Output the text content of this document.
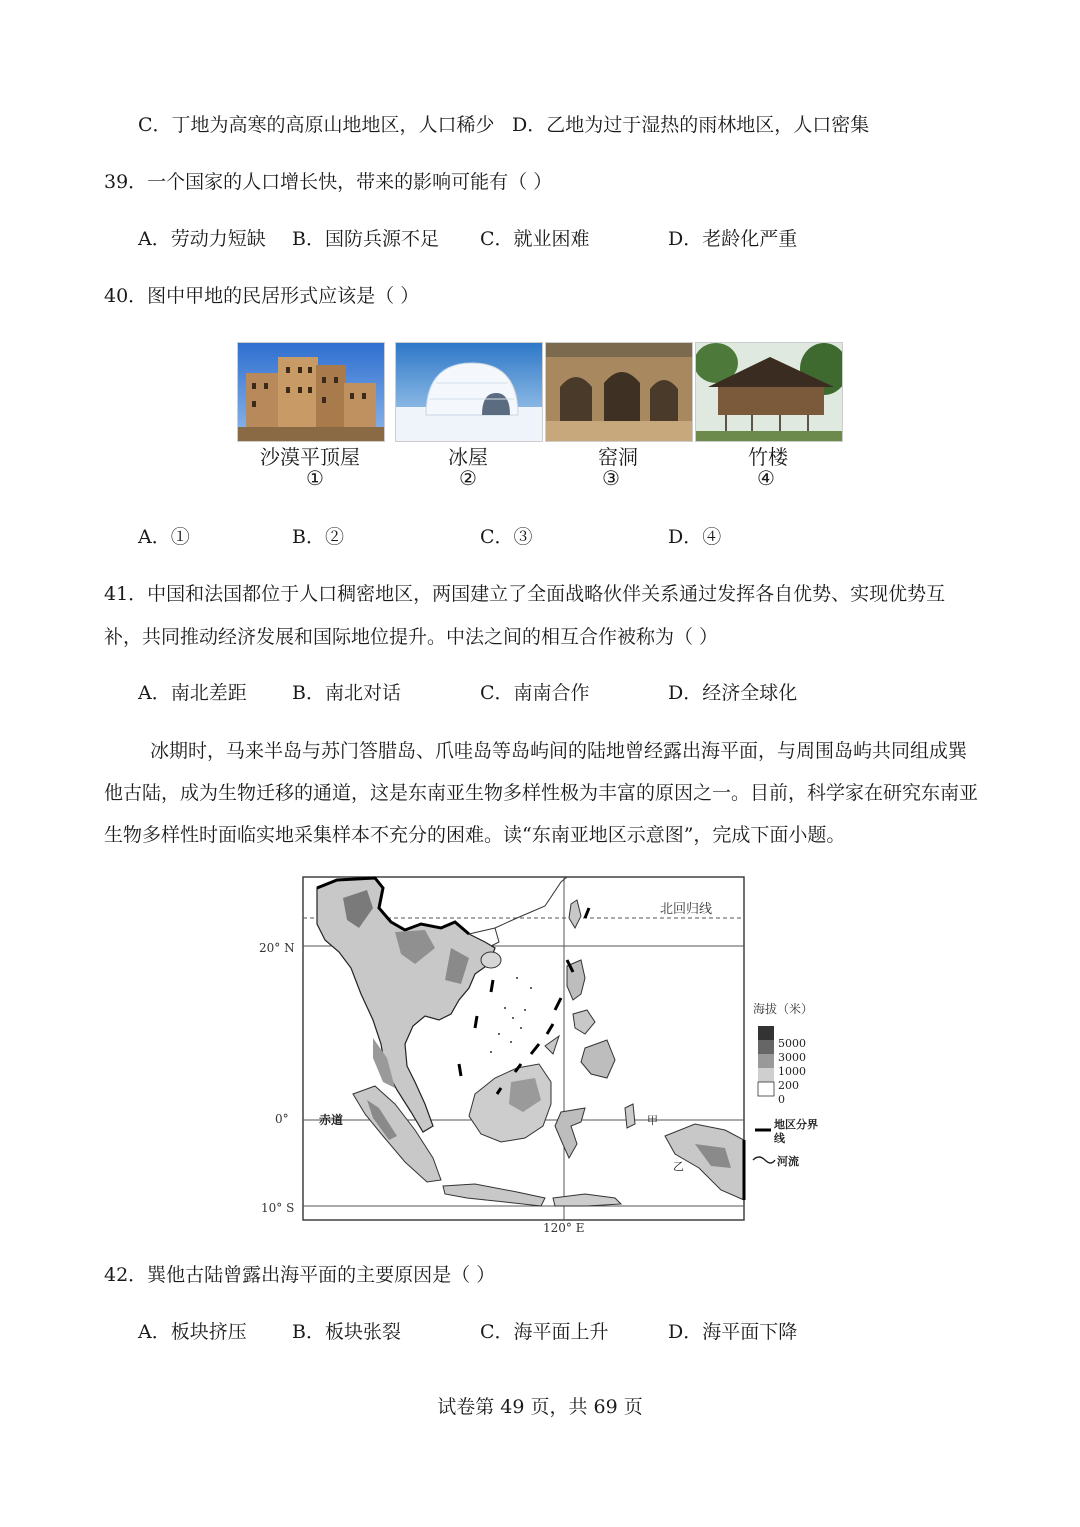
C．丁地为高寒的高原山地地区，人口稀少 D．乙地为过于湿热的雨林地区，人口密集
39．一个国家的人口增长快，带来的影响可能有（ ）
A．劳动力短缺 B．国防兵源不足 C．就业困难	D．老龄化严重
40．图中甲地的民居形式应该是（ ）
沙漠平顶屋	冰屋	窑洞	竹楼
①	②	③	④
A．①	B．②	C．③	D．④
41．中国和法国都位于人口稠密地区，两国建立了全面战略伙伴关系通过发挥各自优势、实现优势互
补，共同推动经济发展和国际地位提升。中法之间的相互合作被称为（ ）
A．南北差距 B．南北对话	C．南南合作	D．经济全球化
冰期时，马来半岛与苏门答腊岛、爪哇岛等岛屿间的陆地曾经露出海平面，与周围岛屿共同组成巽他古陆，成为生物迁移的通道，这是东南亚生物多样性极为丰富的原因之一。目前，科学家在研究东南亚生物多样性时面临实地采集样本不充分的困难。读“东南亚地区示意图”，完成下面小题。
甲
乙
北回归线
20° N
0°	赤道
10° S
120° E
海拔（米）
5000
3000
1000
200
0
地区分界线
河流
42．巽他古陆曾露出海平面的主要原因是（ ）
A．板块挤压 B．板块张裂	C．海平面上升	D．海平面下降
试卷第 49 页，共 69 页
